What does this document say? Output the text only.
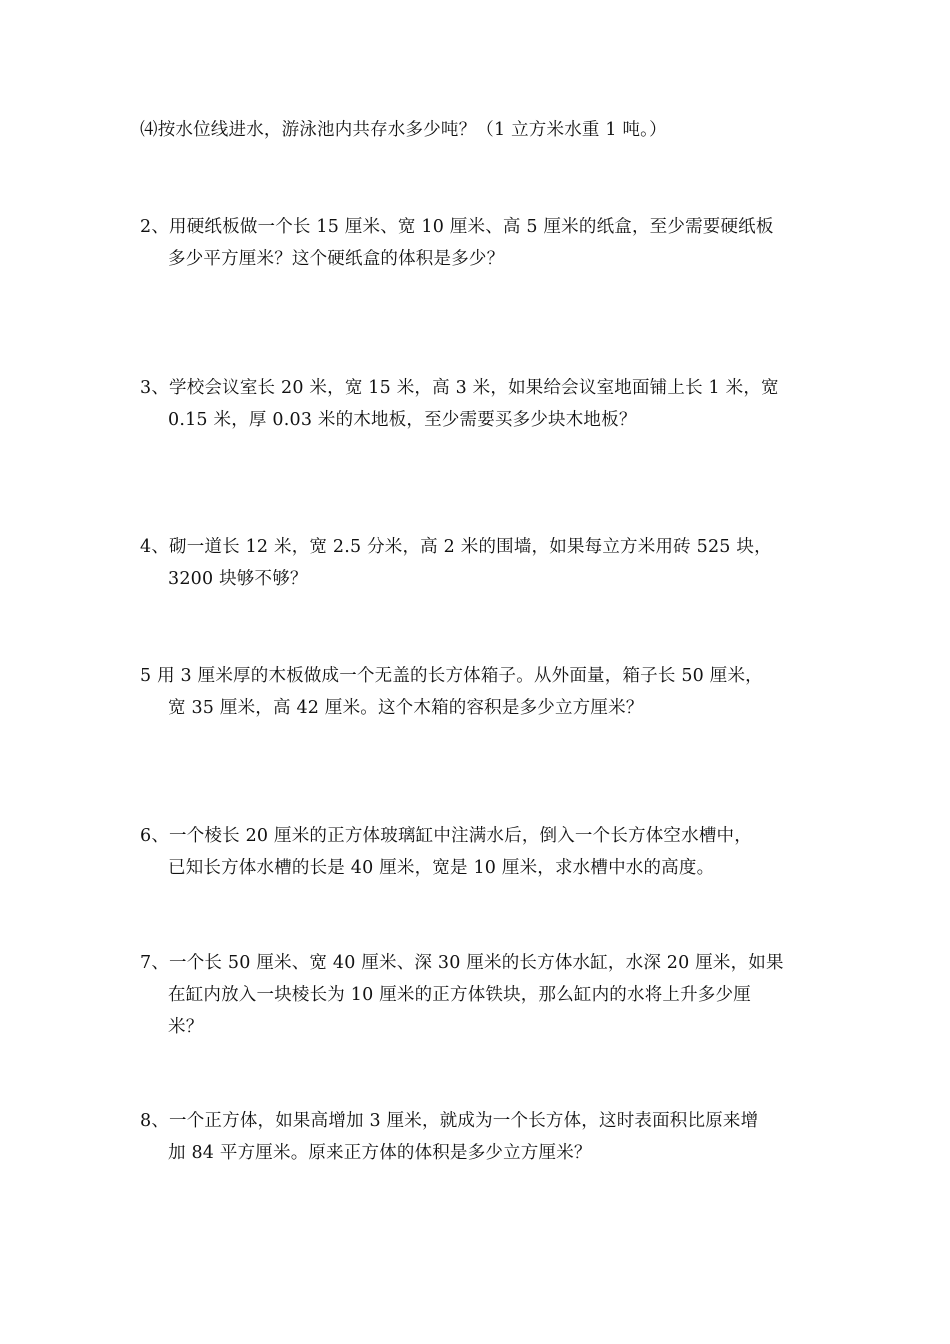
⑷按水位线进水，游泳池内共存水多少吨？（1 立方米水重 1 吨。）
2、用硬纸板做一个长 15 厘米、宽 10 厘米、高 5 厘米的纸盒，至少需要硬纸板
多少平方厘米？这个硬纸盒的体积是多少？
3、学校会议室长 20 米，宽 15 米，高 3 米，如果给会议室地面铺上长 1 米，宽
0.15 米，厚 0.03 米的木地板，至少需要买多少块木地板？
4、砌一道长 12 米，宽 2.5 分米，高 2 米的围墙，如果每立方米用砖 525 块，
3200 块够不够？
5 用 3 厘米厚的木板做成一个无盖的长方体箱子。从外面量，箱子长 50 厘米，
宽 35 厘米，高 42 厘米。这个木箱的容积是多少立方厘米？
6、一个棱长 20 厘米的正方体玻璃缸中注满水后，倒入一个长方体空水槽中，
已知长方体水槽的长是 40 厘米，宽是 10 厘米，求水槽中水的高度。
7、一个长 50 厘米、宽 40 厘米、深 30 厘米的长方体水缸，水深 20 厘米，如果
在缸内放入一块棱长为 10 厘米的正方体铁块，那么缸内的水将上升多少厘
米？
8、一个正方体，如果高增加 3 厘米，就成为一个长方体，这时表面积比原来增
加 84 平方厘米。原来正方体的体积是多少立方厘米？
